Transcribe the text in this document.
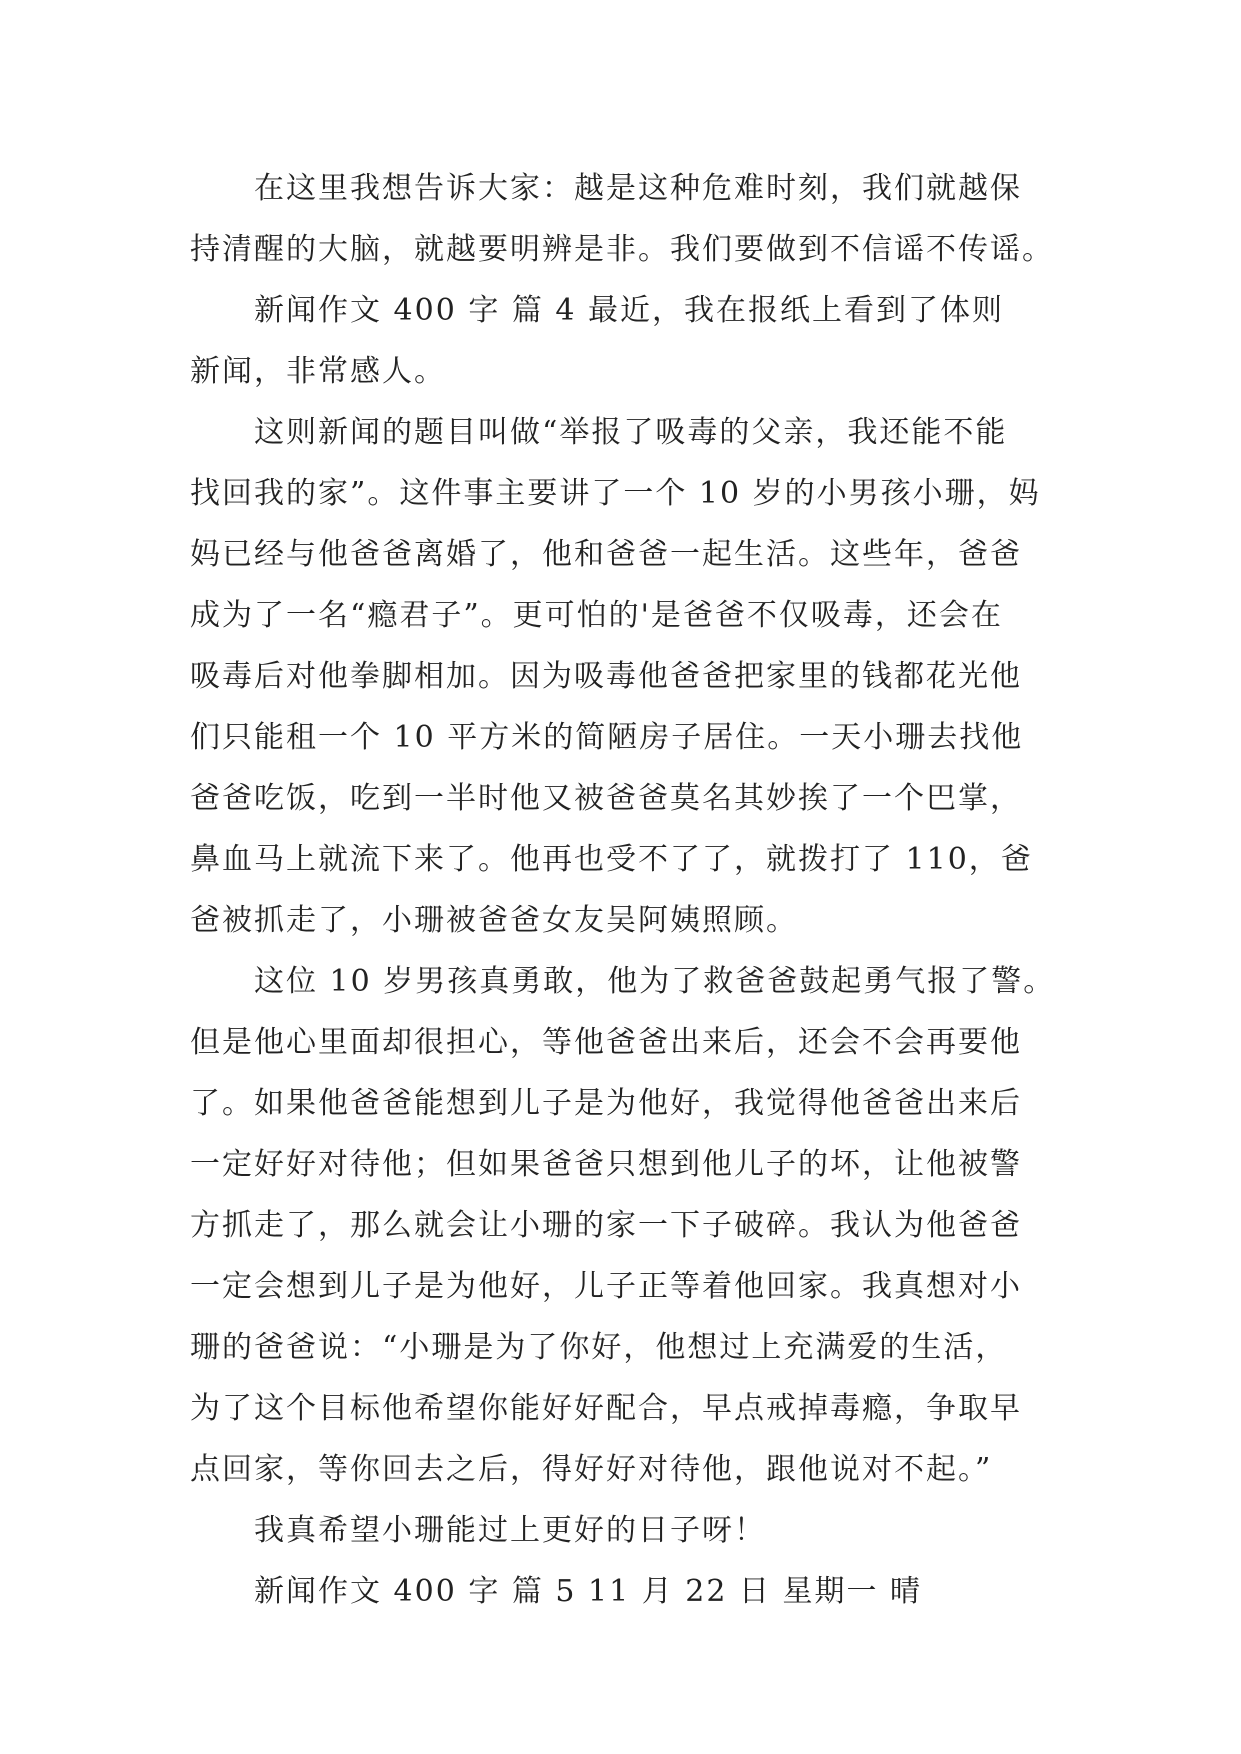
在这里我想告诉大家：越是这种危难时刻，我们就越保
持清醒的大脑，就越要明辨是非。我们要做到不信谣不传谣。
新闻作文 400 字 篇 4 最近，我在报纸上看到了体则
新闻，非常感人。
这则新闻的题目叫做“举报了吸毒的父亲，我还能不能
找回我的家”。这件事主要讲了一个 10 岁的小男孩小珊，妈
妈已经与他爸爸离婚了，他和爸爸一起生活。这些年，爸爸
成为了一名“瘾君子”。更可怕的'是爸爸不仅吸毒，还会在
吸毒后对他拳脚相加。因为吸毒他爸爸把家里的钱都花光他
们只能租一个 10 平方米的简陋房子居住。一天小珊去找他
爸爸吃饭，吃到一半时他又被爸爸莫名其妙挨了一个巴掌，
鼻血马上就流下来了。他再也受不了了，就拨打了 110，爸
爸被抓走了，小珊被爸爸女友吴阿姨照顾。
这位 10 岁男孩真勇敢，他为了救爸爸鼓起勇气报了警。
但是他心里面却很担心，等他爸爸出来后，还会不会再要他
了。如果他爸爸能想到儿子是为他好，我觉得他爸爸出来后
一定好好对待他；但如果爸爸只想到他儿子的坏，让他被警
方抓走了，那么就会让小珊的家一下子破碎。我认为他爸爸
一定会想到儿子是为他好，儿子正等着他回家。我真想对小
珊的爸爸说：“小珊是为了你好，他想过上充满爱的生活，
为了这个目标他希望你能好好配合，早点戒掉毒瘾，争取早
点回家，等你回去之后，得好好对待他，跟他说对不起。”
我真希望小珊能过上更好的日子呀！
新闻作文 400 字 篇 5 11 月 22 日 星期一 晴
